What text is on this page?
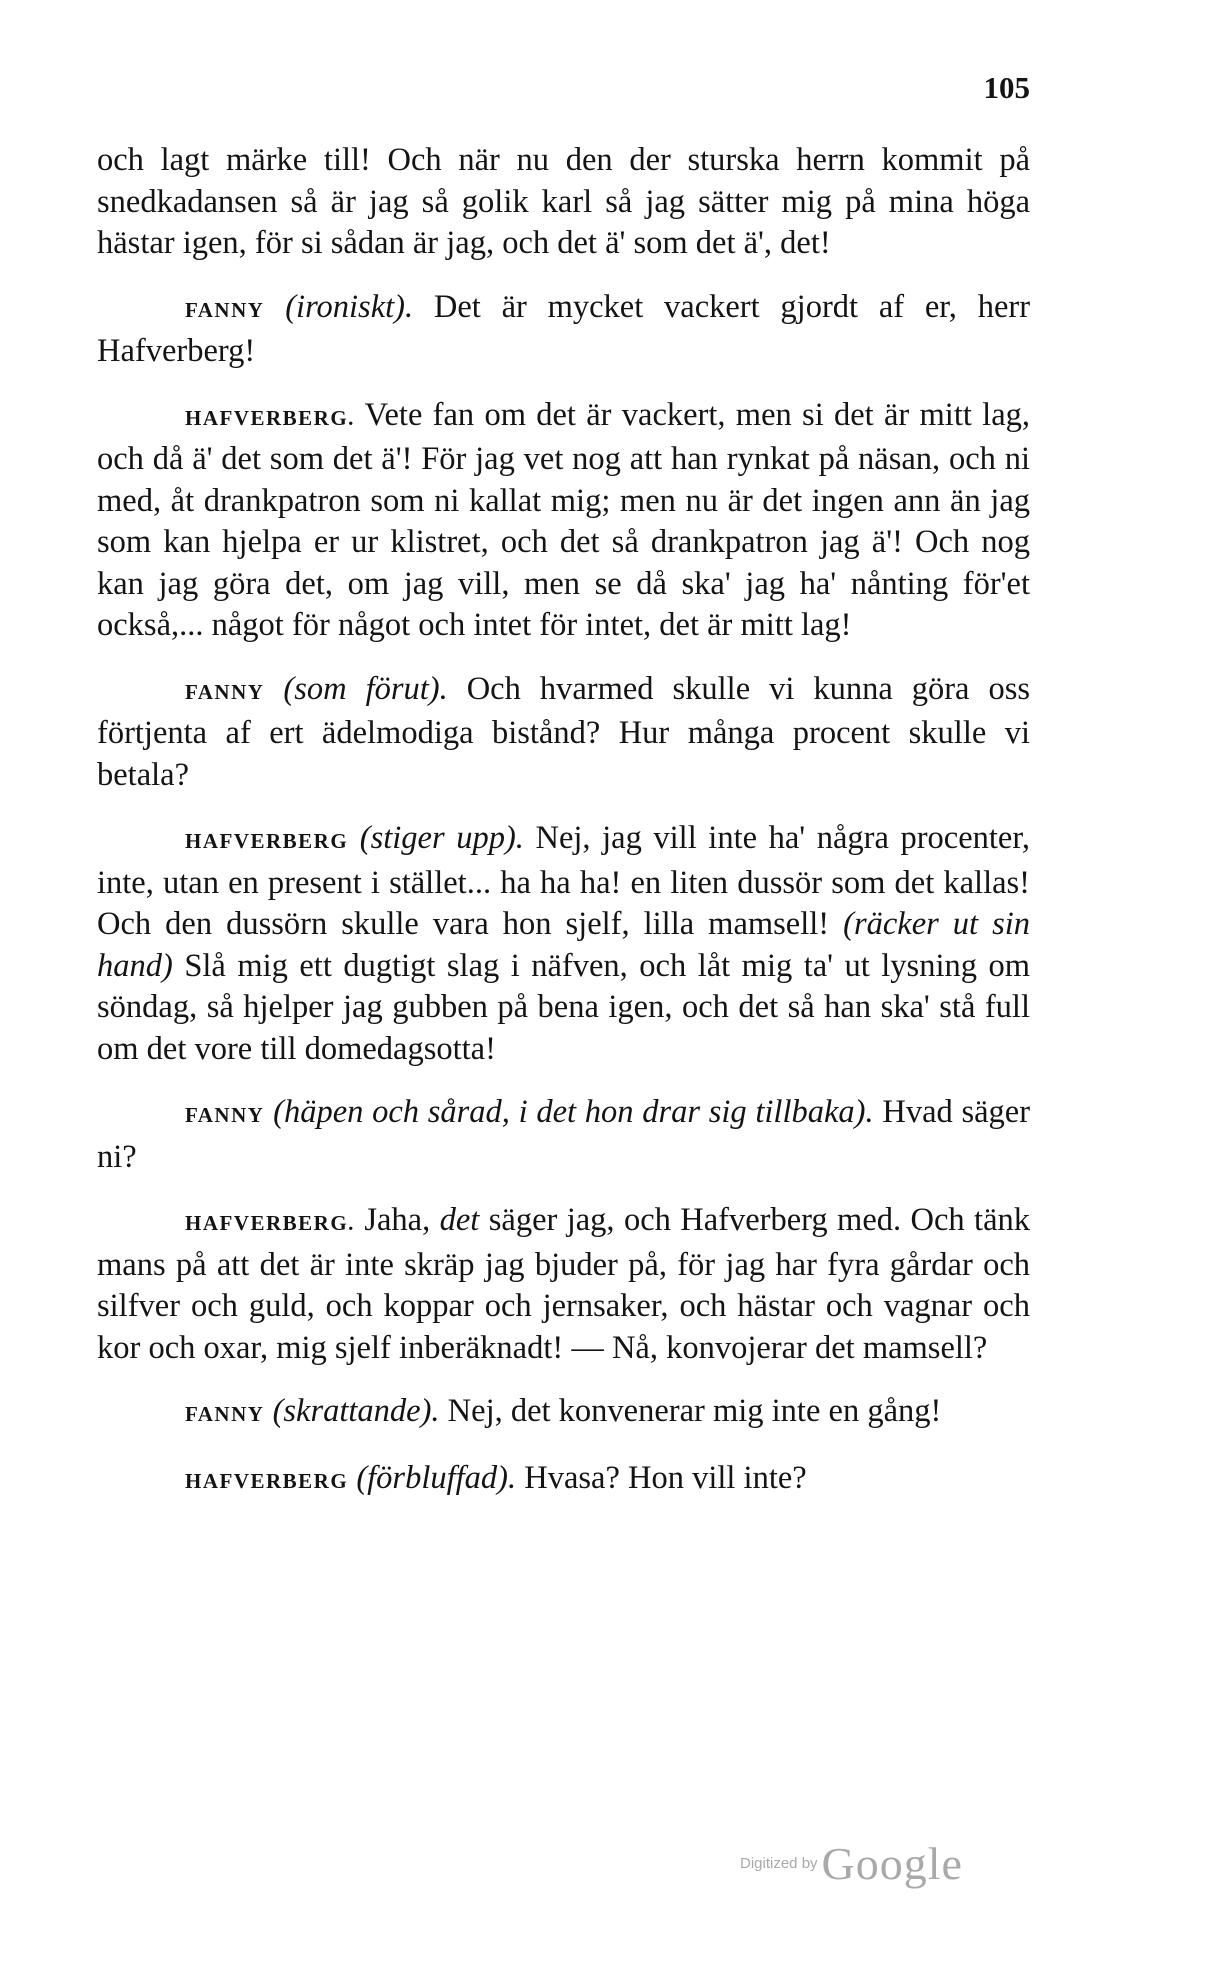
105

och lagt märke till! Och när nu den der sturska herrn kommit på snedkadansen så är jag så golik karl så jag sätter mig på mina höga hästar igen, för si sådan är jag, och det ä' som det ä', det!

FANNY (ironiskt). Det är mycket vackert gjordt af er, herr Hafverberg!

HAFVERBERG. Vete fan om det är vackert, men si det är mitt lag, och då ä' det som det ä'! För jag vet nog att han rynkat på näsan, och ni med, åt drankpatron som ni kallat mig; men nu är det ingen ann än jag som kan hjelpa er ur klistret, och det så drankpatron jag ä'! Och nog kan jag göra det, om jag vill, men se då ska' jag ha' nånting för'et också,... något för något och intet för intet, det är mitt lag!

FANNY (som förut). Och hvarmed skulle vi kunna göra oss förtjenta af ert ädelmodiga bistånd? Hur många procent skulle vi betala?

HAFVERBERG (stiger upp). Nej, jag vill inte ha' några procenter, inte, utan en present i stället... ha ha ha! en liten dussör som det kallas! Och den dussörn skulle vara hon sjelf, lilla mamsell! (räcker ut sin hand) Slå mig ett dugtigt slag i näfven, och låt mig ta' ut lysning om söndag, så hjelper jag gubben på bena igen, och det så han ska' stå full om det vore till domedagsotta!

FANNY (häpen och sårad, i det hon drar sig tillbaka). Hvad säger ni?

HAFVERBERG. Jaha, det säger jag, och Hafverberg med. Och tänk mans på att det är inte skräp jag bjuder på, för jag har fyra gårdar och silfver och guld, och koppar och jernsaker, och hästar och vagnar och kor och oxar, mig sjelf inberäknadt! — Nå, konvojerar det mamsell?

FANNY (skrattande). Nej, det konvenerar mig inte en gång!

HAFVERBERG (förbluffad). Hvasa? Hon vill inte?

Digitized by Google
